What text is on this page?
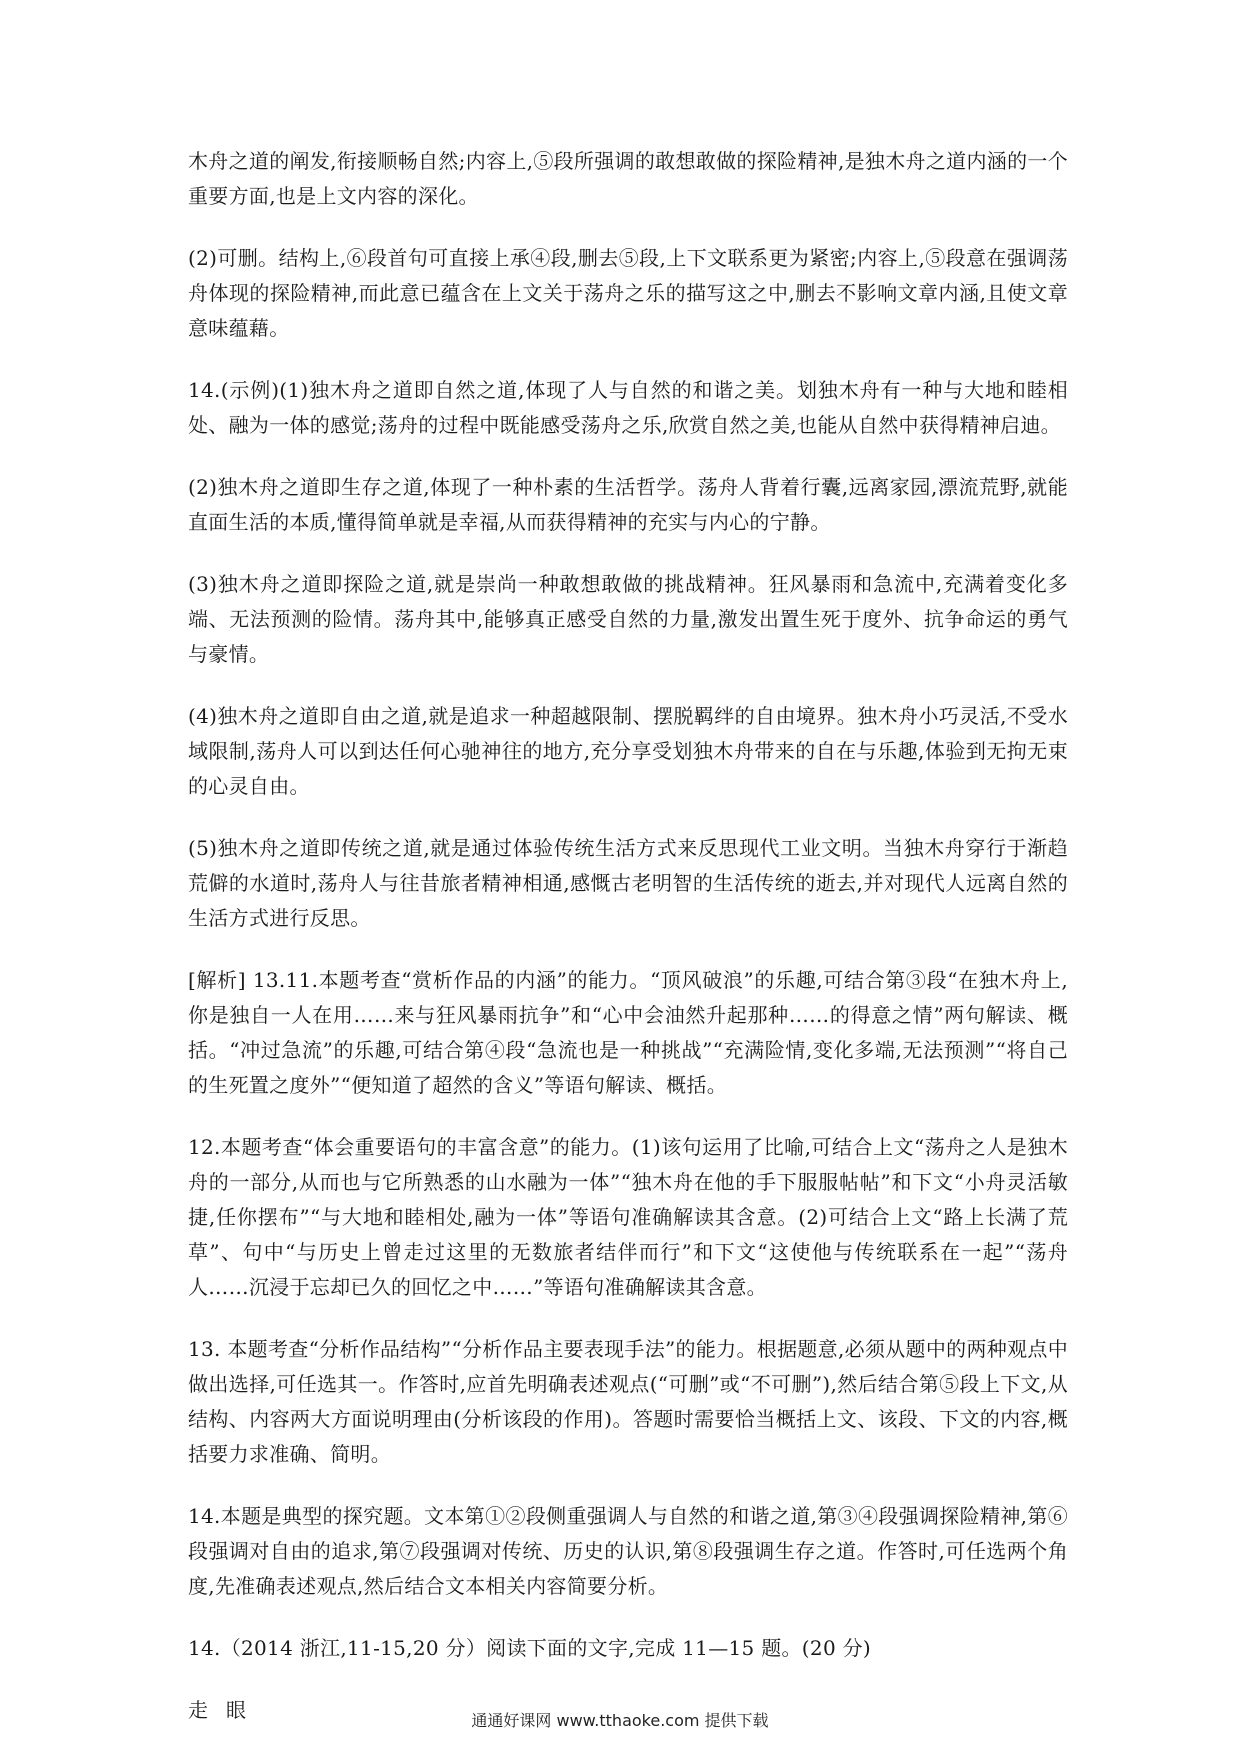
木舟之道的阐发,衔接顺畅自然;内容上,⑤段所强调的敢想敢做的探险精神,是独木舟之道内涵的一个重要方面,也是上文内容的深化。

(2)可删。结构上,⑥段首句可直接上承④段,删去⑤段,上下文联系更为紧密;内容上,⑤段意在强调荡舟体现的探险精神,而此意已蕴含在上文关于荡舟之乐的描写这之中,删去不影响文章内涵,且使文章意味蕴藉。

14.(示例)(1)独木舟之道即自然之道,体现了人与自然的和谐之美。划独木舟有一种与大地和睦相处、融为一体的感觉;荡舟的过程中既能感受荡舟之乐,欣赏自然之美,也能从自然中获得精神启迪。

(2)独木舟之道即生存之道,体现了一种朴素的生活哲学。荡舟人背着行囊,远离家园,漂流荒野,就能直面生活的本质,懂得简单就是幸福,从而获得精神的充实与内心的宁静。

(3)独木舟之道即探险之道,就是崇尚一种敢想敢做的挑战精神。狂风暴雨和急流中,充满着变化多端、无法预测的险情。荡舟其中,能够真正感受自然的力量,激发出置生死于度外、抗争命运的勇气与豪情。

(4)独木舟之道即自由之道,就是追求一种超越限制、摆脱羁绊的自由境界。独木舟小巧灵活,不受水域限制,荡舟人可以到达任何心驰神往的地方,充分享受划独木舟带来的自在与乐趣,体验到无拘无束的心灵自由。

(5)独木舟之道即传统之道,就是通过体验传统生活方式来反思现代工业文明。当独木舟穿行于渐趋荒僻的水道时,荡舟人与往昔旅者精神相通,感慨古老明智的生活传统的逝去,并对现代人远离自然的生活方式进行反思。

[解析] 13.11.本题考查“赏析作品的内涵”的能力。“顶风破浪”的乐趣,可结合第③段“在独木舟上,你是独自一人在用……来与狂风暴雨抗争”和“心中会油然升起那种……的得意之情”两句解读、概括。“冲过急流”的乐趣,可结合第④段“急流也是一种挑战”“充满险情,变化多端,无法预测”“将自己的生死置之度外”“便知道了超然的含义”等语句解读、概括。

12.本题考查“体会重要语句的丰富含意”的能力。(1)该句运用了比喻,可结合上文“荡舟之人是独木舟的一部分,从而也与它所熟悉的山水融为一体”“独木舟在他的手下服服帖帖”和下文“小舟灵活敏捷,任你摆布”“与大地和睦相处,融为一体”等语句准确解读其含意。(2)可结合上文“路上长满了荒草”、句中“与历史上曾走过这里的无数旅者结伴而行”和下文“这使他与传统联系在一起”“荡舟人……沉浸于忘却已久的回忆之中……”等语句准确解读其含意。

13. 本题考查“分析作品结构”“分析作品主要表现手法”的能力。根据题意,必须从题中的两种观点中做出选择,可任选其一。作答时,应首先明确表述观点(“可删”或“不可删”),然后结合第⑤段上下文,从结构、内容两大方面说明理由(分析该段的作用)。答题时需要恰当概括上文、该段、下文的内容,概括要力求准确、简明。

14.本题是典型的探究题。文本第①②段侧重强调人与自然的和谐之道,第③④段强调探险精神,第⑥段强调对自由的追求,第⑦段强调对传统、历史的认识,第⑧段强调生存之道。作答时,可任选两个角度,先准确表述观点,然后结合文本相关内容简要分析。

14.（2014 浙江,11-15,20 分）阅读下面的文字,完成 11—15 题。(20 分)

走眼	通通好课网 www.tthaoke.com 提供下载
